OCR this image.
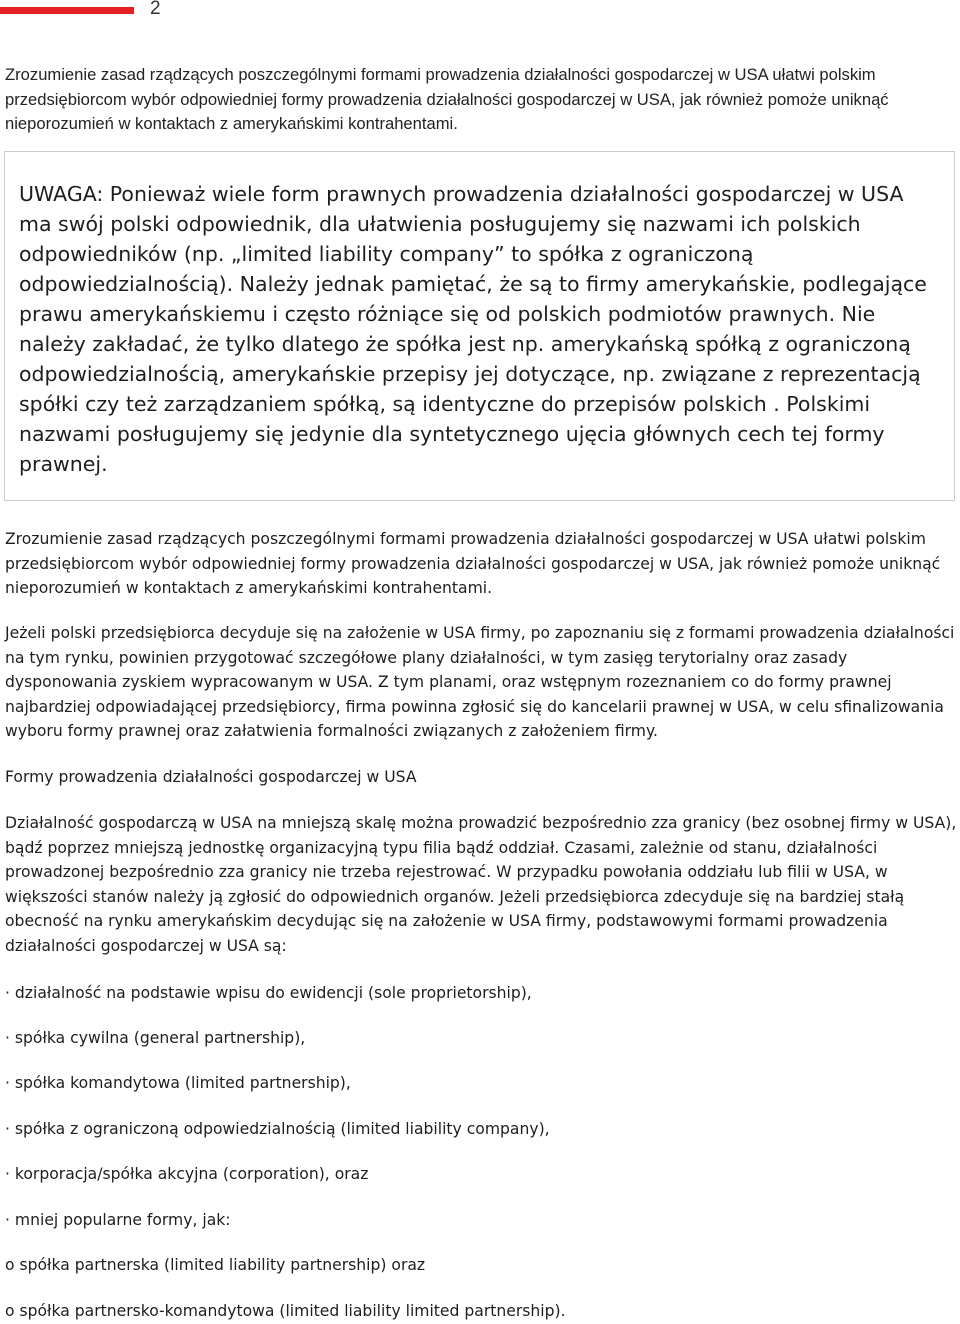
2

Zrozumienie zasad rządzących poszczególnymi formami prowadzenia działalności gospodarczej w USA ułatwi polskim przedsiębiorcom wybór odpowiedniej formy prowadzenia działalności gospodarczej w USA, jak również pomoże uniknąć nieporozumień w kontaktach z amerykańskimi kontrahentami.

UWAGA: Ponieważ wiele form prawnych prowadzenia działalności gospodarczej w USA ma swój polski odpowiednik, dla ułatwienia posługujemy się nazwami ich polskich odpowiedników (np. „limited liability company” to spółka z ograniczoną odpowiedzialnością). Należy jednak pamiętać, że są to firmy amerykańskie, podlegające prawu amerykańskiemu i często różniące się od polskich podmiotów prawnych. Nie należy zakładać, że tylko dlatego że spółka jest np. amerykańską spółką z ograniczoną odpowiedzialnością, amerykańskie przepisy jej dotyczące, np. związane z reprezentacją spółki czy też zarządzaniem spółką, są identyczne do przepisów polskich . Polskimi nazwami posługujemy się jedynie dla syntetycznego ujęcia głównych cech tej formy prawnej.

Zrozumienie zasad rządzących poszczególnymi formami prowadzenia działalności gospodarczej w USA ułatwi polskim przedsiębiorcom wybór odpowiedniej formy prowadzenia działalności gospodarczej w USA, jak również pomoże uniknąć nieporozumień w kontaktach z amerykańskimi kontrahentami.

Jeżeli polski przedsiębiorca decyduje się na założenie w USA firmy, po zapoznaniu się z formami prowadzenia działalności na tym rynku, powinien przygotować szczegółowe plany działalności, w tym zasięg terytorialny oraz zasady dysponowania zyskiem wypracowanym w USA. Z tym planami, oraz wstępnym rozeznaniem co do formy prawnej najbardziej odpowiadającej przedsiębiorcy, firma powinna zgłosić się do kancelarii prawnej w USA, w celu sfinalizowania wyboru formy prawnej oraz załatwienia formalności związanych z założeniem firmy.

Formy prowadzenia działalności gospodarczej w USA

Działalność gospodarczą w USA na mniejszą skalę można prowadzić bezpośrednio zza granicy (bez osobnej firmy w USA), bądź poprzez mniejszą jednostkę organizacyjną typu filia bądź oddział. Czasami, zależnie od stanu, działalności prowadzonej bezpośrednio zza granicy nie trzeba rejestrować. W przypadku powołania oddziału lub filii w USA, w większości stanów należy ją zgłosić do odpowiednich organów. Jeżeli przedsiębiorca zdecyduje się na bardziej stałą obecność na rynku amerykańskim decydując się na założenie w USA firmy, podstawowymi formami prowadzenia działalności gospodarczej w USA są:

· działalność na podstawie wpisu do ewidencji (sole proprietorship),

· spółka cywilna (general partnership),

· spółka komandytowa (limited partnership),

· spółka z ograniczoną odpowiedzialnością (limited liability company),

· korporacja/spółka akcyjna (corporation), oraz

· mniej popularne formy, jak:

o spółka partnerska (limited liability partnership) oraz

o spółka partnersko-komandytowa (limited liability limited partnership).
